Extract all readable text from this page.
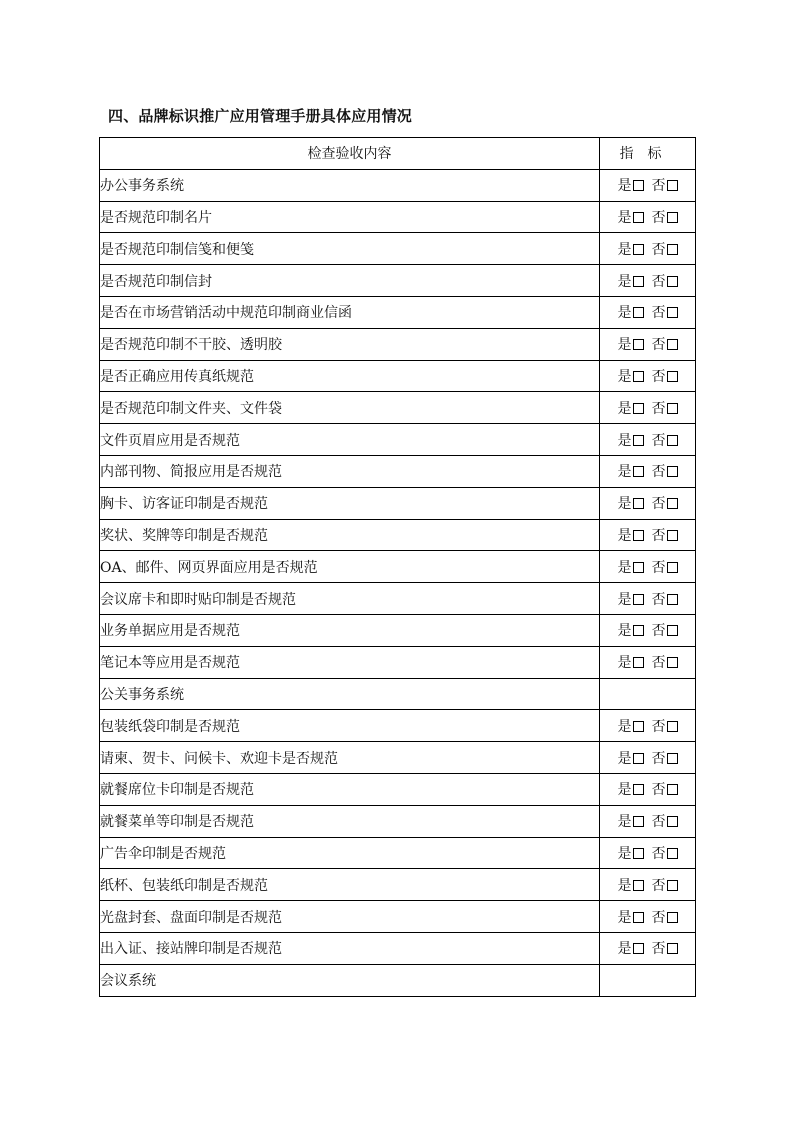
四、品牌标识推广应用管理手册具体应用情况
检查验收内容	指标
办公事务系统	是 否
是否规范印制名片	是 否
是否规范印制信笺和便笺	是 否
是否规范印制信封	是 否
是否在市场营销活动中规范印制商业信函	是 否
是否规范印制不干胶、透明胶	是 否
是否正确应用传真纸规范	是 否
是否规范印制文件夹、文件袋	是 否
文件页眉应用是否规范	是 否
内部刊物、简报应用是否规范	是 否
胸卡、访客证印制是否规范	是 否
奖状、奖牌等印制是否规范	是 否
OA、邮件、网页界面应用是否规范	是 否
会议席卡和即时贴印制是否规范	是 否
业务单据应用是否规范	是 否
笔记本等应用是否规范	是 否
公关事务系统	
包装纸袋印制是否规范	是 否
请柬、贺卡、问候卡、欢迎卡是否规范	是 否
就餐席位卡印制是否规范	是 否
就餐菜单等印制是否规范	是 否
广告伞印制是否规范	是 否
纸杯、包装纸印制是否规范	是 否
光盘封套、盘面印制是否规范	是 否
出入证、接站牌印制是否规范	是 否
会议系统	
